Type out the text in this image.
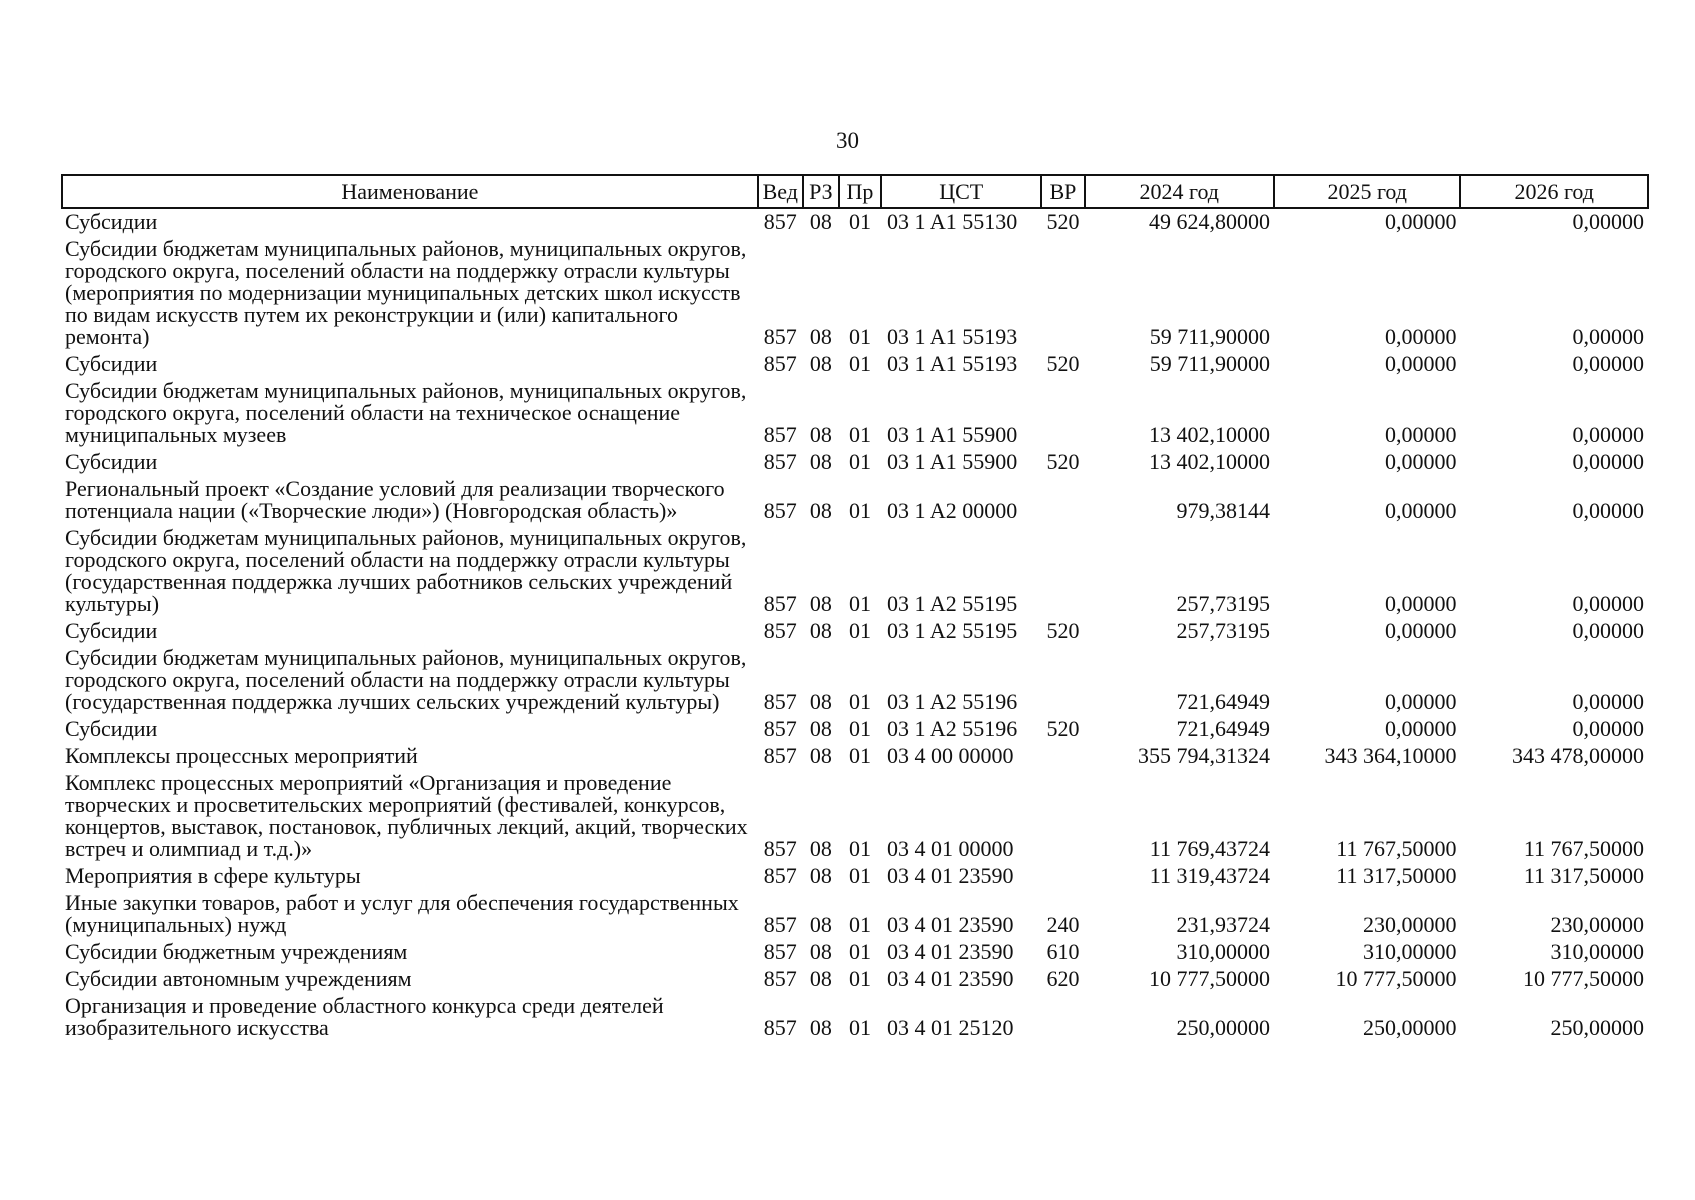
30
Наименование	Вед	РЗ	Пр	ЦСТ	ВР	2024 год	2025 год	2026 год
Субсидии	857	08	01	03 1 A1 55130	520	49 624,80000	0,00000	0,00000
Субсидии бюджетам муниципальных районов, муниципальных округов, городского округа, поселений области на поддержку отрасли культуры (мероприятия по модернизации муниципальных детских школ искусств по видам искусств путем их реконструкции и (или) капитального ремонта)	857	08	01	03 1 A1 55193		59 711,90000	0,00000	0,00000
Субсидии	857	08	01	03 1 A1 55193	520	59 711,90000	0,00000	0,00000
Субсидии бюджетам муниципальных районов, муниципальных округов, городского округа, поселений области на техническое оснащение муниципальных музеев	857	08	01	03 1 A1 55900		13 402,10000	0,00000	0,00000
Субсидии	857	08	01	03 1 A1 55900	520	13 402,10000	0,00000	0,00000
Региональный проект «Создание условий для реализации творческого потенциала нации («Творческие люди») (Новгородская область)»	857	08	01	03 1 A2 00000		979,38144	0,00000	0,00000
Субсидии бюджетам муниципальных районов, муниципальных округов, городского округа, поселений области на поддержку отрасли культуры (государственная поддержка лучших работников сельских учреждений культуры)	857	08	01	03 1 A2 55195		257,73195	0,00000	0,00000
Субсидии	857	08	01	03 1 A2 55195	520	257,73195	0,00000	0,00000
Субсидии бюджетам муниципальных районов, муниципальных округов, городского округа, поселений области на поддержку отрасли культуры (государственная поддержка лучших сельских учреждений культуры)	857	08	01	03 1 A2 55196		721,64949	0,00000	0,00000
Субсидии	857	08	01	03 1 A2 55196	520	721,64949	0,00000	0,00000
Комплексы процессных мероприятий	857	08	01	03 4 00 00000		355 794,31324	343 364,10000	343 478,00000
Комплекс процессных мероприятий «Организация и проведение творческих и просветительских мероприятий (фестивалей, конкурсов, концертов, выставок, постановок, публичных лекций, акций, творческих встреч и олимпиад и т.д.)»	857	08	01	03 4 01 00000		11 769,43724	11 767,50000	11 767,50000
Мероприятия в сфере культуры	857	08	01	03 4 01 23590		11 319,43724	11 317,50000	11 317,50000
Иные закупки товаров, работ и услуг для обеспечения государственных (муниципальных) нужд	857	08	01	03 4 01 23590	240	231,93724	230,00000	230,00000
Субсидии бюджетным учреждениям	857	08	01	03 4 01 23590	610	310,00000	310,00000	310,00000
Субсидии автономным учреждениям	857	08	01	03 4 01 23590	620	10 777,50000	10 777,50000	10 777,50000
Организация и проведение областного конкурса среди деятелей изобразительного искусства	857	08	01	03 4 01 25120		250,00000	250,00000	250,00000
